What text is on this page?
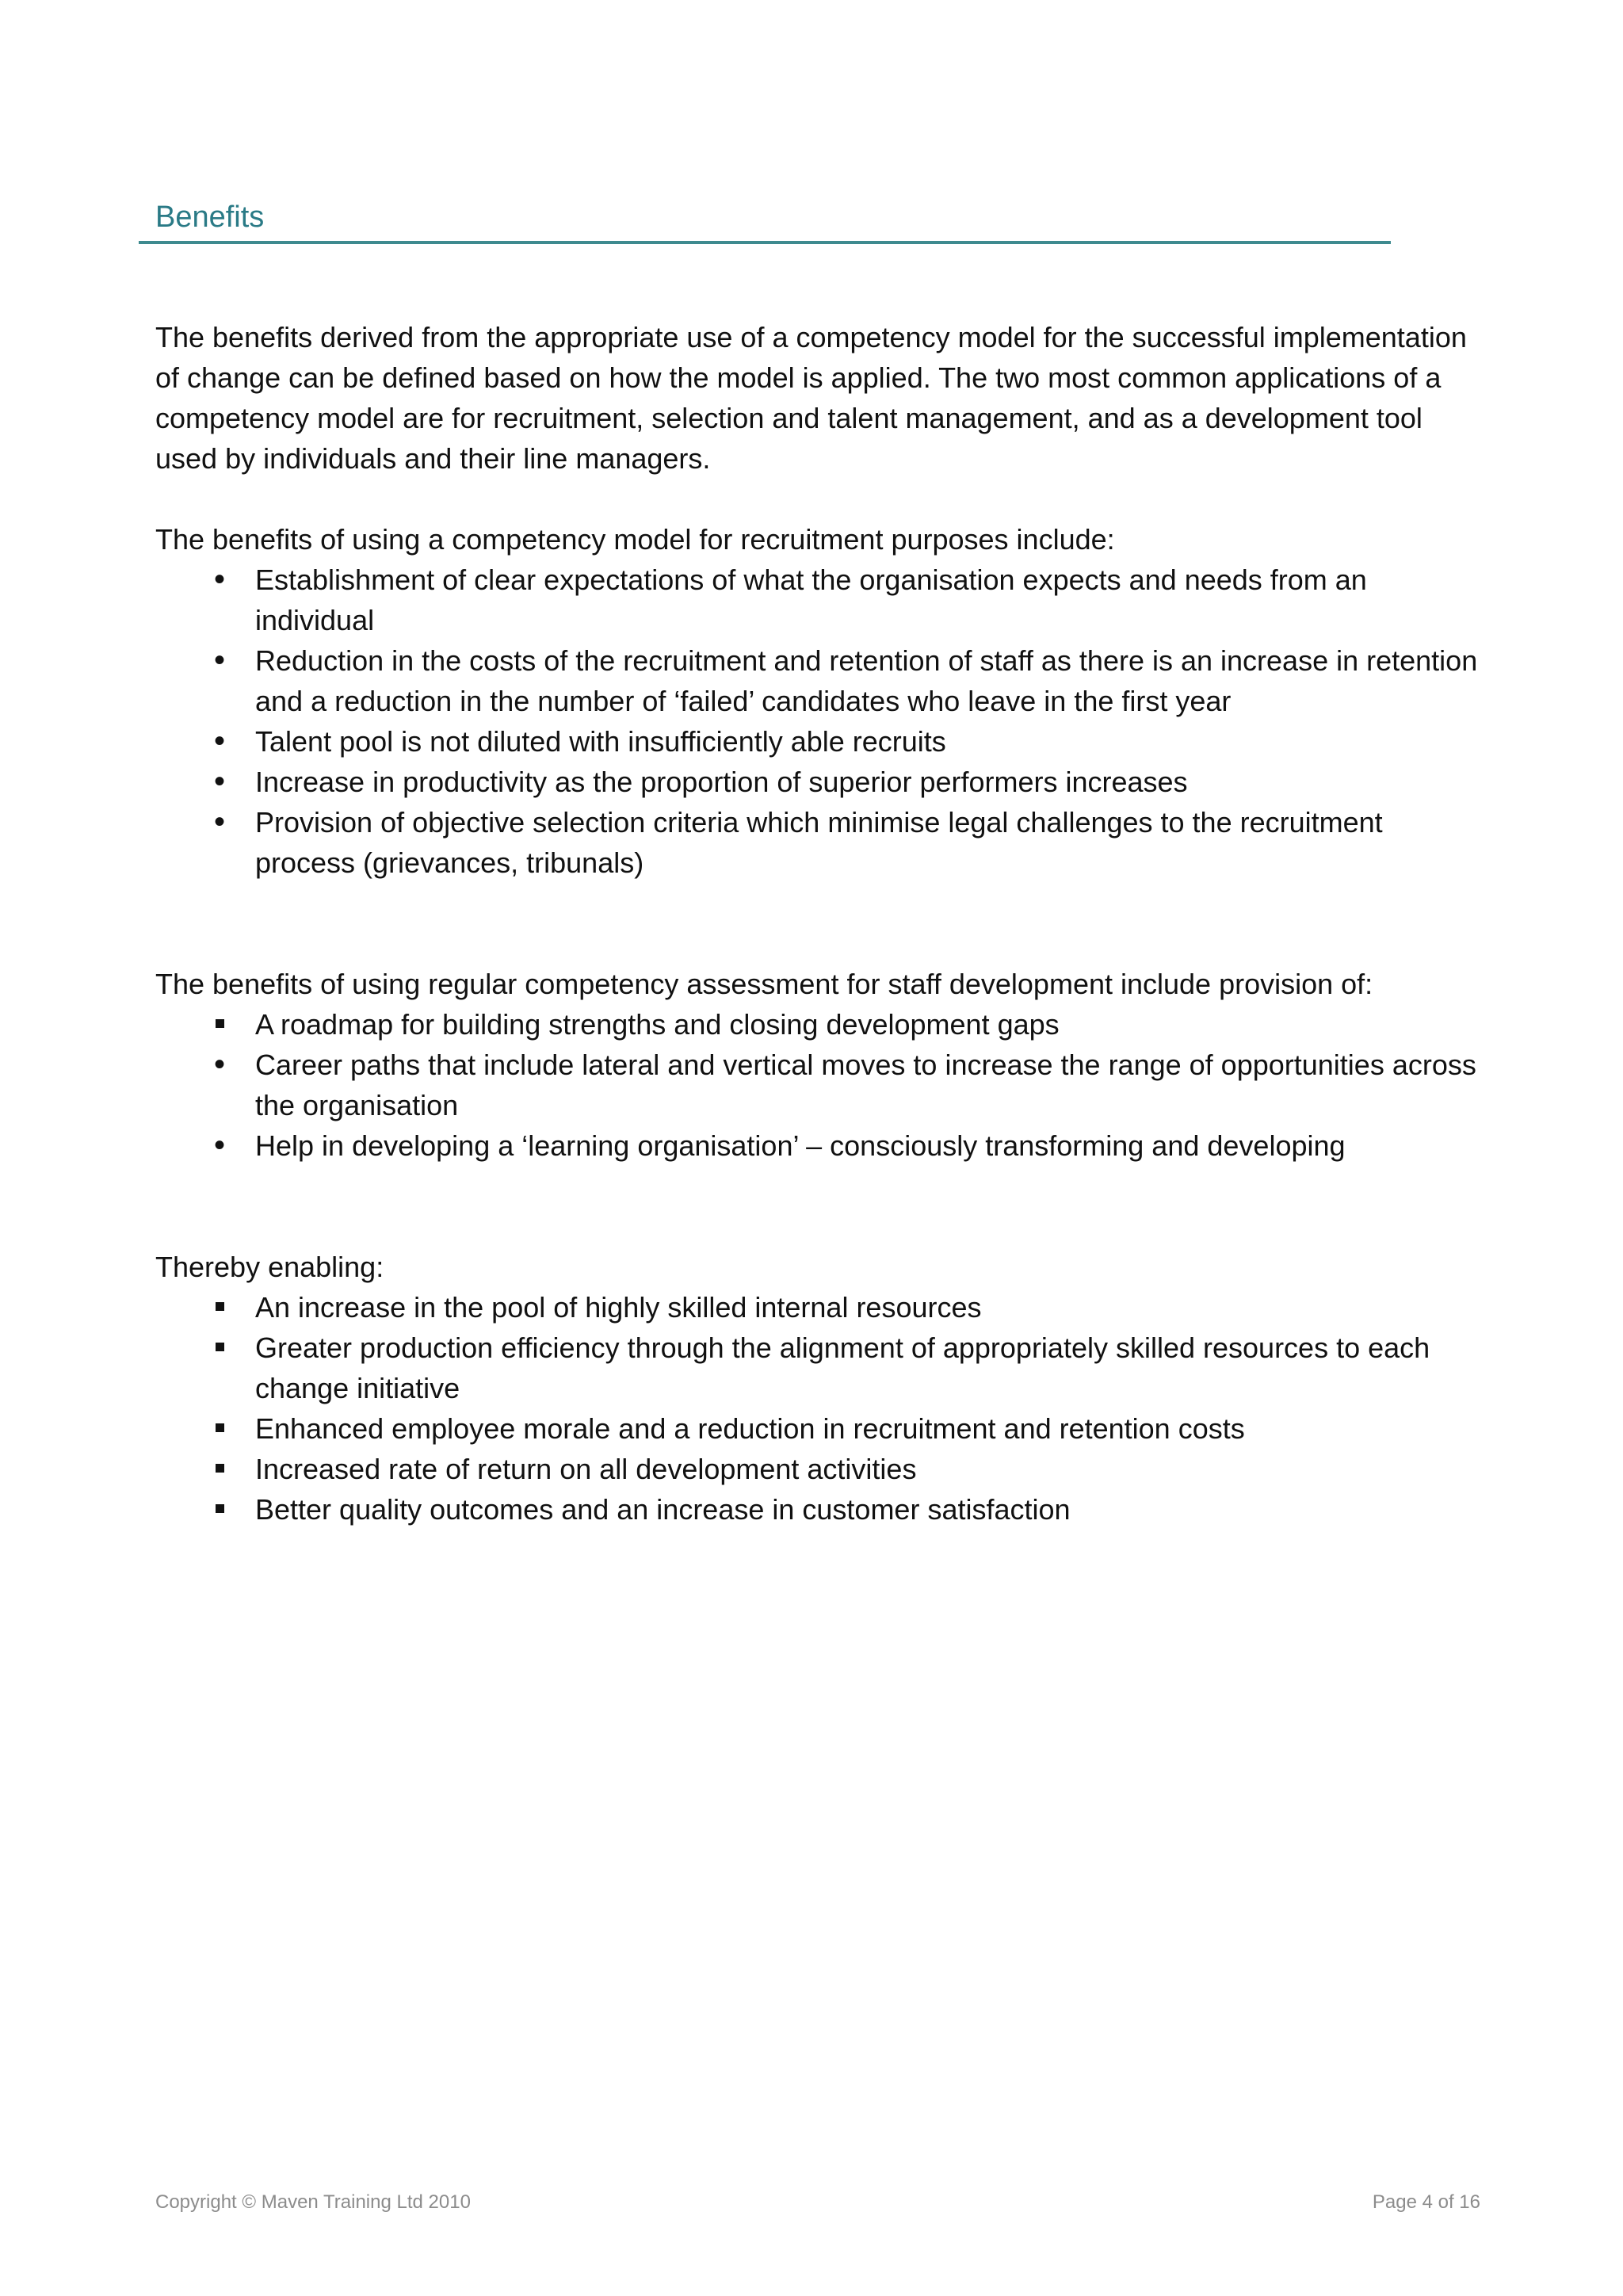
Benefits

The benefits derived from the appropriate use of a competency model for the successful implementation of change can be defined based on how the model is applied. The two most common applications of a competency model are for recruitment, selection and talent management, and as a development tool used by individuals and their line managers.

The benefits of using a competency model for recruitment purposes include:

•
Establishment of clear expectations of what the organisation expects and needs from an individual
•
Reduction in the costs of the recruitment and retention of staff as there is an increase in retention and a reduction in the number of ‘failed’ candidates who leave in the first year
•
Talent pool is not diluted with insufficiently able recruits
•
Increase in productivity as the proportion of superior performers increases
•
Provision of objective selection criteria which minimise legal challenges to the recruitment process (grievances, tribunals)

The benefits of using regular competency assessment for staff development include provision of:

A roadmap for building strengths and closing development gaps
•
Career paths that include lateral and vertical moves to increase the range of opportunities across the organisation
•
Help in developing a ‘learning organisation’ – consciously transforming and developing

Thereby enabling:

An increase in the pool of highly skilled internal resources
Greater production efficiency through the alignment of appropriately skilled resources to each change initiative
Enhanced employee morale and a reduction in recruitment and retention costs
Increased rate of return on all development activities
Better quality outcomes and an increase in customer satisfaction
Copyright © Maven Training Ltd 2010	Page 4 of 16
